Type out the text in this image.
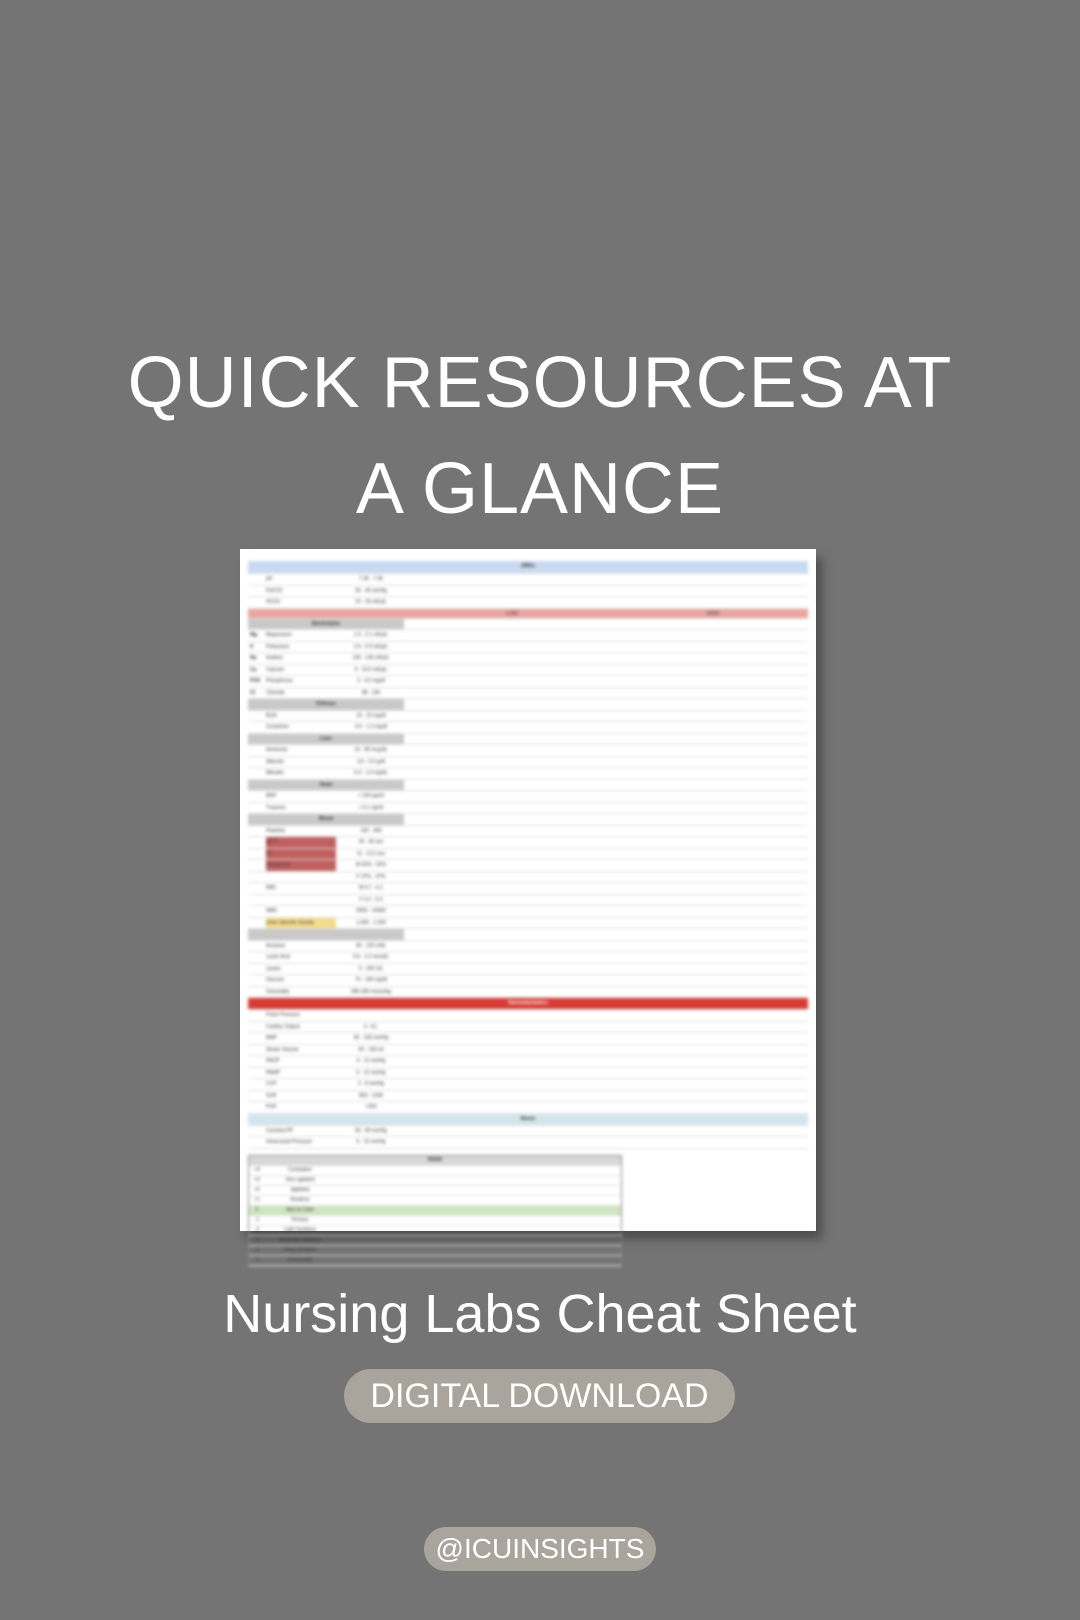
QUICK RESOURCES AT
A GLANCE
ABGs
pH	7.35 - 7.45
PaCO2	35 - 45 mmHg
HCO3	22 - 26 mEq/L
LOW	HIGH
Electrolytes
Mg	Magnesium	1.5 - 2.1 mEq/L
K	Potassium	3.5 - 5.0 mEq/L
Na	Sodium	135 - 145 mEq/L
Ca	Calcium	9 - 10.5 mEq/L
PO4	Phosphorus	3 - 4.5 mg/dl
Cl	Chloride	98 - 106
Kidneys
BUN	10 - 20 mg/dl
Creatinine	0.6 - 1.2 mg/dl
Liver
Ammonia	10 - 80 mcg/dL
Albumin	3.5 - 5.0 g/dl
Bilirubin	0.3 - 1.0 mg/dL
Heart
BNP	< 100 pg/ml
Troponin	< 0.1 ng/ml
Blood
Platelets	150 - 400
aPTT	30 - 40 sec
PT	11 - 12.5 sec
Hematocrit	M 42% - 52%
F 37% - 47%
RBC	M 4.7 - 6.1
F 4.2 - 5.4
WBC	5000 - 10000
Urine Specific Gravity	1.005 - 1.030
Amylase	40 - 120 U/dL
Lactic Acid	0.6 - 2.2 mmol/L
Lipase	0 - 160 U/L
Glucose	74 - 106 mg/dl
Osmolality	285-295 mosm/kg
Haemodynamics
Pulse Pressure
Cardiac Output	4 - 8 L
MAP	65 - 105 mmHg
Stroke Volume	60 - 100 ml
PAOP	4 - 12 mmHg
PAWP	6 - 12 mmHg
CVP	2 - 8 mmHg
SVR	800 - 1200
PVR	<250
Neuro
Cerebral PP	60 - 80 mmHg
Intracranial Pressure	5 - 15 mmHg
RASS
+4	Combative
+3	Very agitated
+2	Agitated
+1	Restless
0	Alert & Calm
-1	Drowsy
-2	Light Sedation
-3	Moderate Sedation
-4	Deep Sedation
-5	Unrousable
Nursing Labs Cheat Sheet
DIGITAL DOWNLOAD
@ICUINSIGHTS
